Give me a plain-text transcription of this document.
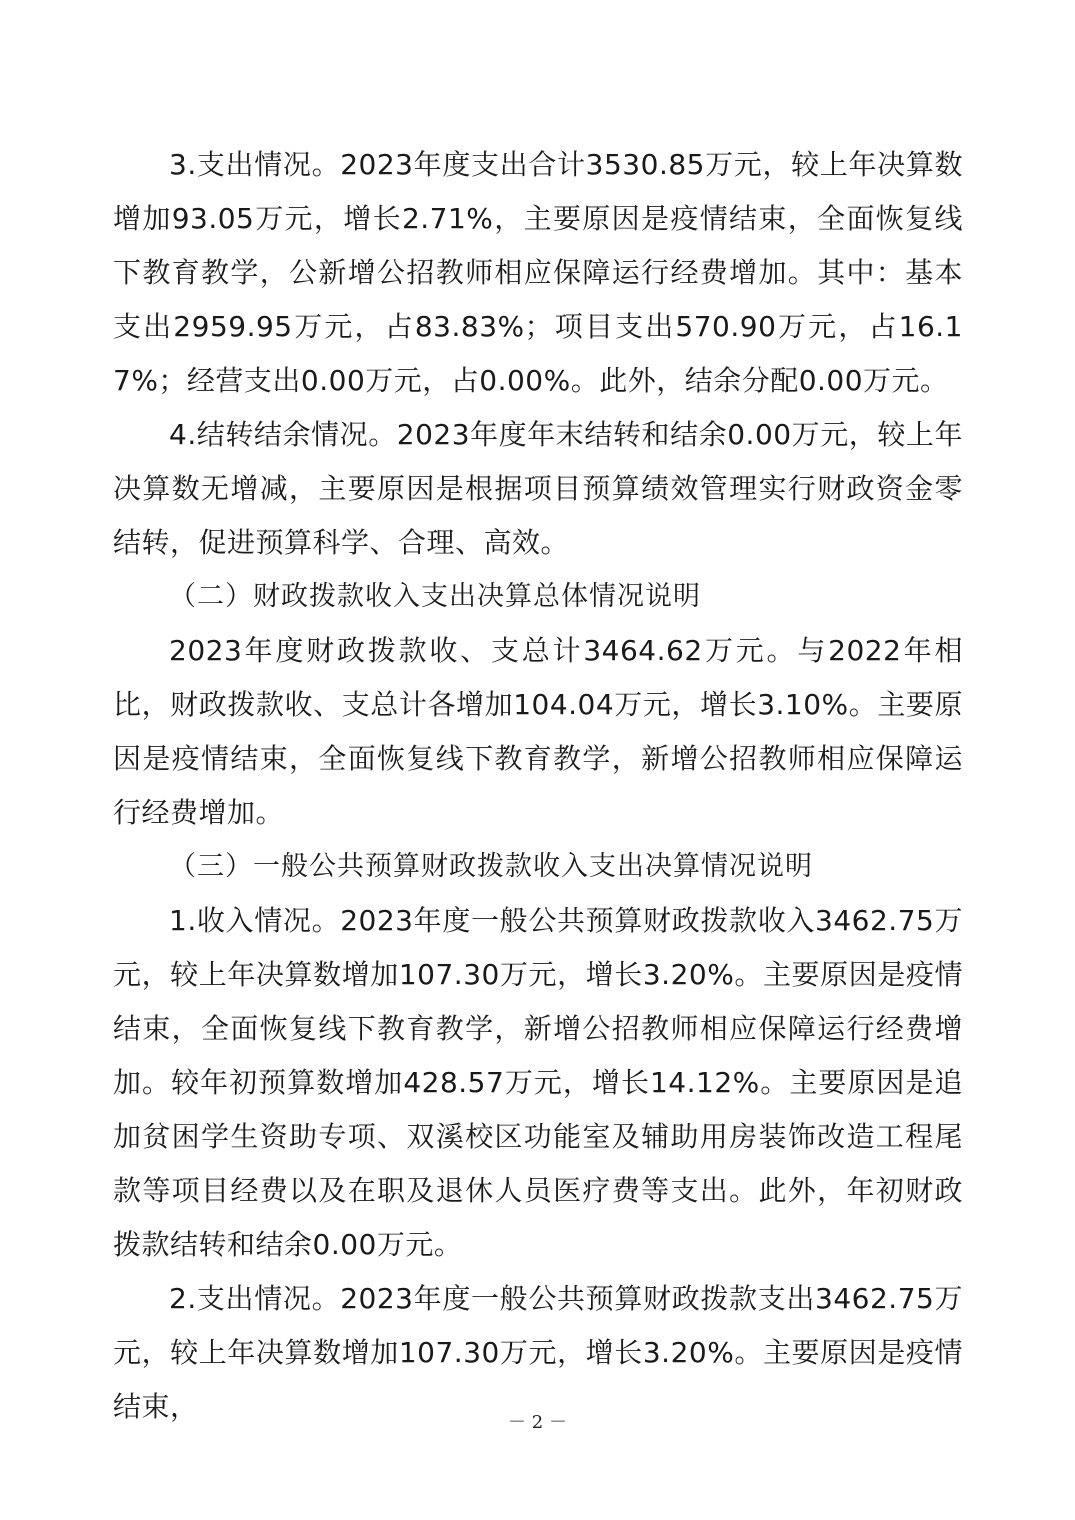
3.支出情况。2023年度支出合计3530.85万元，较上年决算数增加93.05万元，增长2.71%，主要原因是疫情结束，全面恢复线下教育教学，公新增公招教师相应保障运行经费增加。其中：基本支出2959.95万元，占83.83%；项目支出570.90万元，占16.17%；经营支出0.00万元，占0.00%。此外，结余分配0.00万元。

4.结转结余情况。2023年度年末结转和结余0.00万元，较上年决算数无增减，主要原因是根据项目预算绩效管理实行财政资金零结转，促进预算科学、合理、高效。

（二）财政拨款收入支出决算总体情况说明

2023年度财政拨款收、支总计3464.62万元。与2022年相比，财政拨款收、支总计各增加104.04万元，增长3.10%。主要原因是疫情结束，全面恢复线下教育教学，新增公招教师相应保障运行经费增加。

（三）一般公共预算财政拨款收入支出决算情况说明

1.收入情况。2023年度一般公共预算财政拨款收入3462.75万元，较上年决算数增加107.30万元，增长3.20%。主要原因是疫情结束，全面恢复线下教育教学，新增公招教师相应保障运行经费增加。较年初预算数增加428.57万元，增长14.12%。主要原因是追加贫困学生资助专项、双溪校区功能室及辅助用房装饰改造工程尾款等项目经费以及在职及退休人员医疗费等支出。此外，年初财政拨款结转和结余0.00万元。

2.支出情况。2023年度一般公共预算财政拨款支出3462.75万元，较上年决算数增加107.30万元，增长3.20%。主要原因是疫情结束，	－ 2 －
